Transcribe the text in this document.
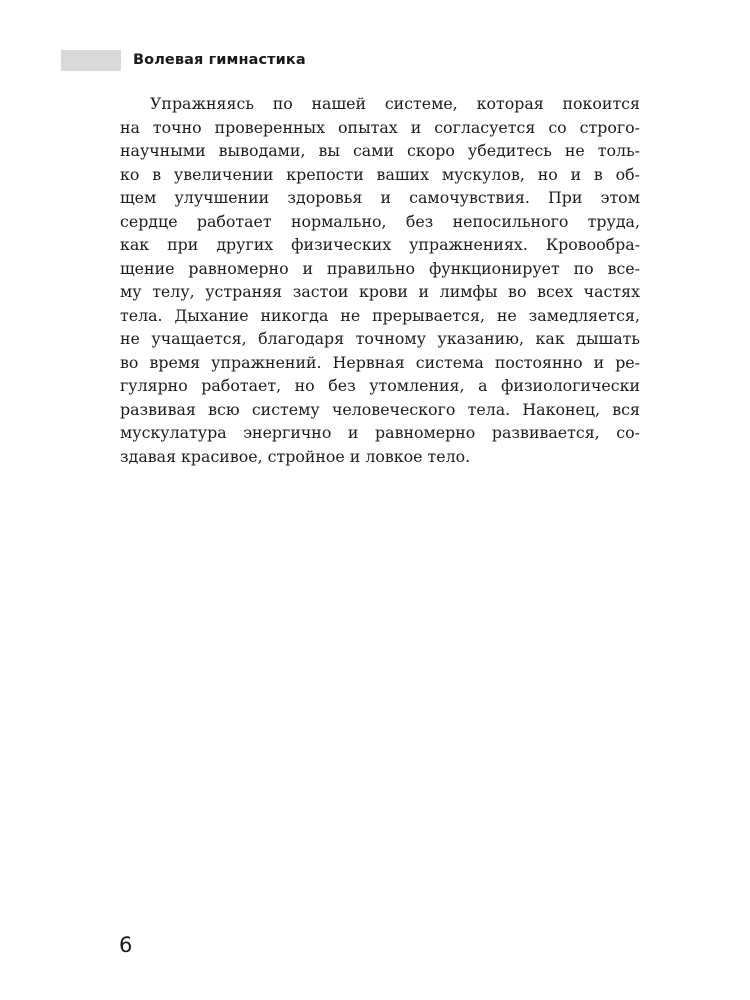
Волевая гимнастика
Упражняясь по нашей системе, которая покоится
на точно проверенных опытах и согласуется со строго-
научными выводами, вы сами скоро убедитесь не толь-
ко в увеличении крепости ваших мускулов, но и в об-
щем улучшении здоровья и самочувствия. При этом
сердце работает нормально, без непосильного труда,
как при других физических упражнениях. Кровообра-
щение равномерно и правильно функционирует по все-
му телу, устраняя застои крови и лимфы во всех частях
тела. Дыхание никогда не прерывается, не замедляется,
не учащается, благодаря точному указанию, как дышать
во время упражнений. Нервная система постоянно и ре-
гулярно работает, но без утомления, а физиологически
развивая всю систему человеческого тела. Наконец, вся
мускулатура энергично и равномерно развивается, со-
здавая красивое, стройное и ловкое тело.
6
